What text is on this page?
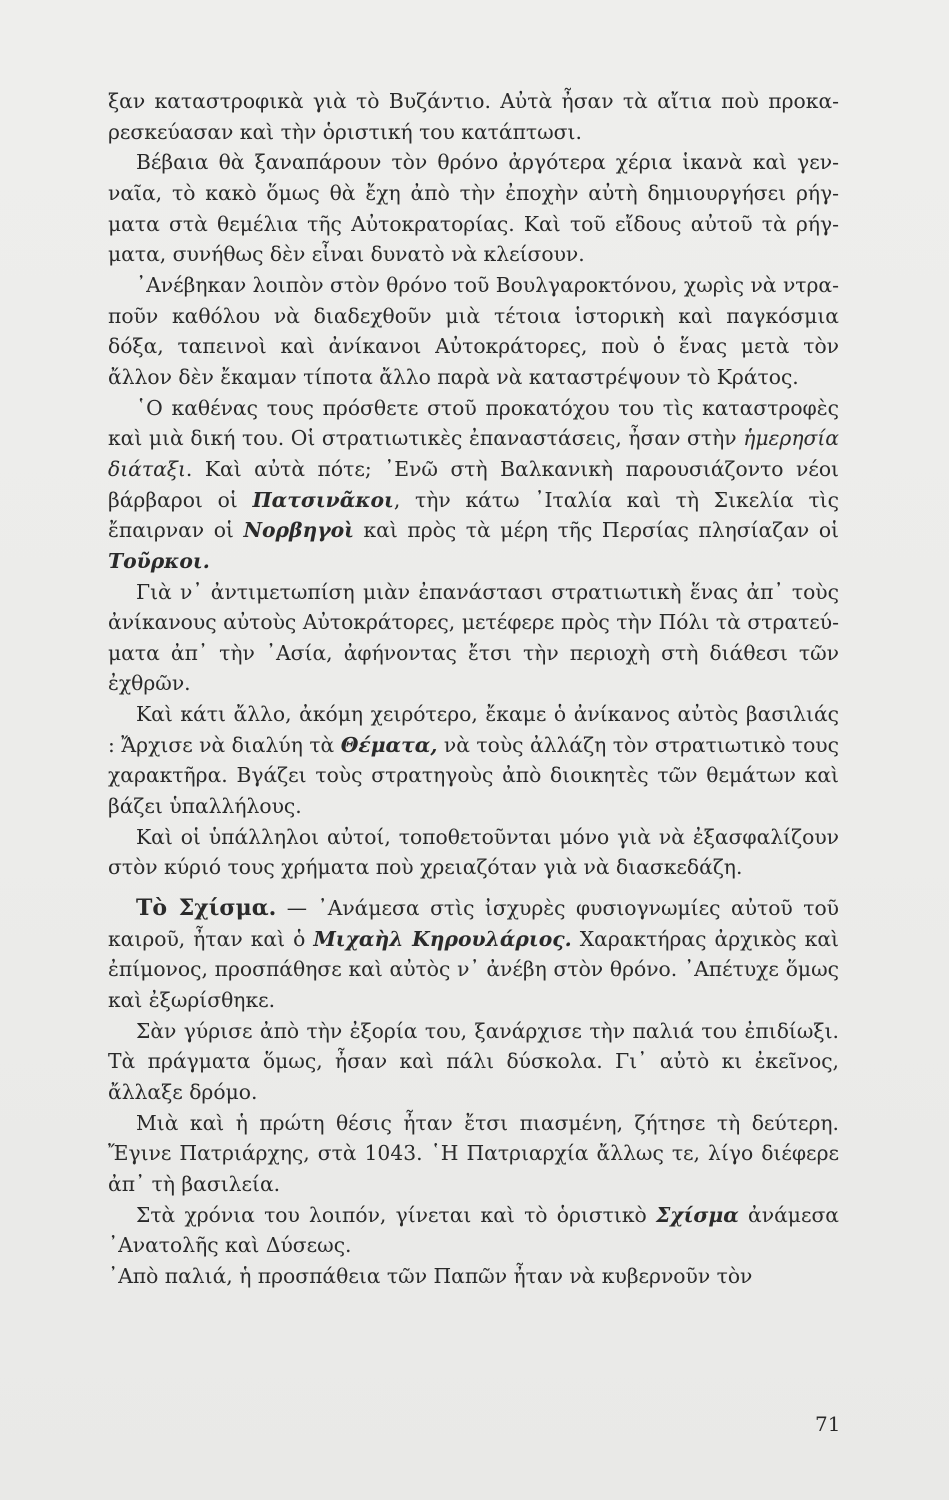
ξαν καταστροφικὰ γιὰ τὸ Βυζάντιο. Αὐτὰ ἦσαν τὰ αἴτια ποὺ προκαρεσκεύασαν καὶ τὴν ὁριστική του κατάπτωσι.

Βέβαια θὰ ξαναπάρουν τὸν θρόνο ἀργότερα χέρια ἱκανὰ καὶ γενναῖα, τὸ κακὸ ὅμως θὰ ἔχη ἀπὸ τὴν ἐποχὴν αὐτὴ δημιουργήσει ρήγματα στὰ θεμέλια τῆς Αὐτοκρατορίας. Καὶ τοῦ εἴδους αὐτοῦ τὰ ρήγματα, συνήθως δὲν εἶναι δυνατὸ νὰ κλείσουν.

᾿Ανέβηκαν λοιπὸν στὸν θρόνο τοῦ Βουλγαροκτόνου, χωρὶς νὰ ντραποῦν καθόλου νὰ διαδεχθοῦν μιὰ τέτοια ἱστορικὴ καὶ παγκόσμια δόξα, ταπεινοὶ καὶ ἀνίκανοι Αὐτοκράτορες, ποὺ ὁ ἕνας μετὰ τὸν ἄλλον δὲν ἔκαμαν τίποτα ἄλλο παρὰ νὰ καταστρέψουν τὸ Κράτος.

῾Ο καθένας τους πρόσθετε στοῦ προκατόχου του τὶς καταστροφὲς καὶ μιὰ δική του. Οἱ στρατιωτικὲς ἐπαναστάσεις, ἦσαν στὴν ἡμερησία διάταξι. Καὶ αὐτὰ πότε; ᾿Ενῶ στὴ Βαλκανικὴ παρουσιάζοντο νέοι βάρβαροι οἱ Πατσινᾶκοι, τὴν κάτω ᾿Ιταλία καὶ τὴ Σικελία τὶς ἔπαιρναν οἱ Νορβηγοὶ καὶ πρὸς τὰ μέρη τῆς Περσίας πλησίαζαν οἱ Τοῦρκοι.

Γιὰ ν᾿ ἀντιμετωπίση μιὰν ἐπανάστασι στρατιωτικὴ ἕνας ἀπ᾿ τοὺς ἀνίκανους αὐτοὺς Αὐτοκράτορες, μετέφερε πρὸς τὴν Πόλι τὰ στρατεύματα ἀπ᾿ τὴν ᾿Ασία, ἀφήνοντας ἔτσι τὴν περιοχὴ στὴ διάθεσι τῶν ἐχθρῶν.

Καὶ κάτι ἄλλο, ἀκόμη χειρότερο, ἔκαμε ὁ ἀνίκανος αὐτὸς βασιλιάς : Ἄρχισε νὰ διαλύη τὰ Θέματα, νὰ τοὺς ἀλλάζη τὸν στρατιωτικὸ τους χαρακτῆρα. Βγάζει τοὺς στρατηγοὺς ἀπὸ διοικητὲς τῶν θεμάτων καὶ βάζει ὑπαλλήλους.

Καὶ οἱ ὑπάλληλοι αὐτοί, τοποθετοῦνται μόνο γιὰ νὰ ἐξασφαλίζουν στὸν κύριό τους χρήματα ποὺ χρειαζόταν γιὰ νὰ διασκεδάζη.

Τὸ Σχίσμα. — ᾿Ανάμεσα στὶς ἰσχυρὲς φυσιογνωμίες αὐτοῦ τοῦ καιροῦ, ἦταν καὶ ὁ Μιχαὴλ Κηρουλάριος. Χαρακτήρας ἀρχικὸς καὶ ἐπίμονος, προσπάθησε καὶ αὐτὸς ν᾿ ἀνέβη στὸν θρόνο. ᾿Απέτυχε ὅμως καὶ ἐξωρίσθηκε.

Σὰν γύρισε ἀπὸ τὴν ἐξορία του, ξανάρχισε τὴν παλιά του ἐπιδίωξι. Τὰ πράγματα ὅμως, ἦσαν καὶ πάλι δύσκολα. Γι᾿ αὐτὸ κι ἐκεῖνος, ἄλλαξε δρόμο.

Μιὰ καὶ ἡ πρώτη θέσις ἦταν ἔτσι πιασμένη, ζήτησε τὴ δεύτερη. Ἔγινε Πατριάρχης, στὰ 1043. ῾Η Πατριαρχία ἄλλως τε, λίγο διέφερε ἀπ᾿ τὴ βασιλεία.

Στὰ χρόνια του λοιπόν, γίνεται καὶ τὸ ὁριστικὸ Σχίσμα ἀνάμεσα ᾿Ανατολῆς καὶ Δύσεως.

᾿Απὸ παλιά, ἡ προσπάθεια τῶν Παπῶν ἦταν νὰ κυβερνοῦν τὸν

71
